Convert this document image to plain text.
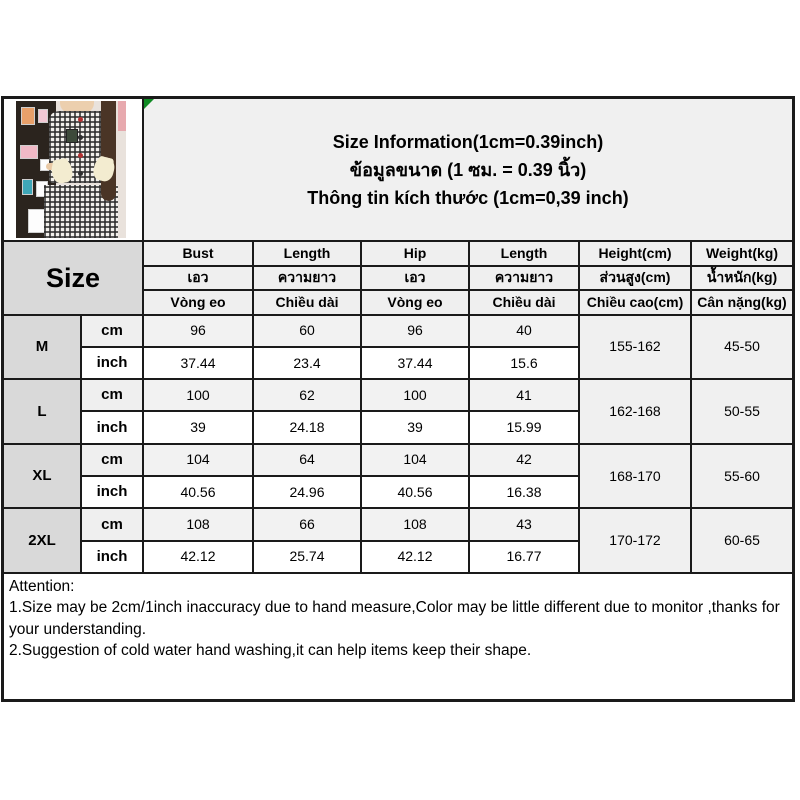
Size Information(1cm=0.39inch)
ข้อมูลขนาด (1 ซม. = 0.39 นิ้ว)
Thông tin kích thước (1cm=0,39 inch)
Size
Bust	Length	Hip	Length	Height(cm)	Weight(kg)
เอว	ความยาว	เอว	ความยาว	ส่วนสูง(cm)	น้ำหนัก(kg)
Vòng eo	Chiều dài	Vòng eo	Chiều dài	Chiều cao(cm)	Cân nặng(kg)
M
cm	96	60	96	40
155-162	45-50
inch	37.44	23.4	37.44	15.6
L
cm	100	62	100	41
162-168	50-55
inch	39	24.18	39	15.99
XL
cm	104	64	104	42
168-170	55-60
inch	40.56	24.96	40.56	16.38
2XL
cm	108	66	108	43
170-172	60-65
inch	42.12	25.74	42.12	16.77

Attention:

1.Size may be 2cm/1inch inaccuracy due to hand measure,Color may be little different due to monitor ,thanks for your understanding.

2.Suggestion of cold water hand washing,it can help items keep their shape.
